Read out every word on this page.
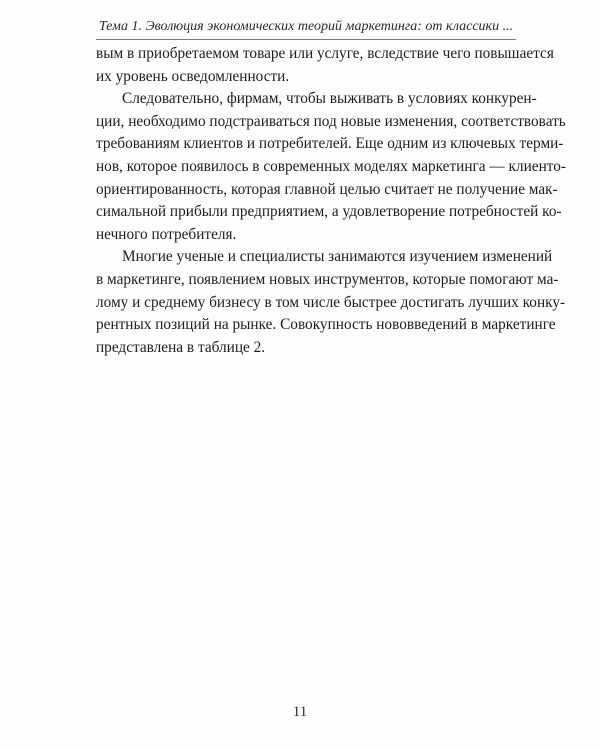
Тема 1. Эволюция экономических теорий маркетинга: от классики ...

вым в приобретаемом товаре или услуге, вследствие чего повышается
их уровень осведомленности.

Следовательно, фирмам, чтобы выживать в условиях конкурен-
ции, необходимо подстраиваться под новые изменения, соответствовать
требованиям клиентов и потребителей. Еще одним из ключевых терми-
нов, которое появилось в современных моделях маркетинга — клиенто-
ориентированность, которая главной целью считает не получение мак-
симальной прибыли предприятием, а удовлетворение потребностей ко-
нечного потребителя.

Многие ученые и специалисты занимаются изучением изменений
в маркетинге, появлением новых инструментов, которые помогают ма-
лому и среднему бизнесу в том числе быстрее достигать лучших конку-
рентных позиций на рынке. Совокупность нововведений в маркетинге
представлена в таблице 2.

11
